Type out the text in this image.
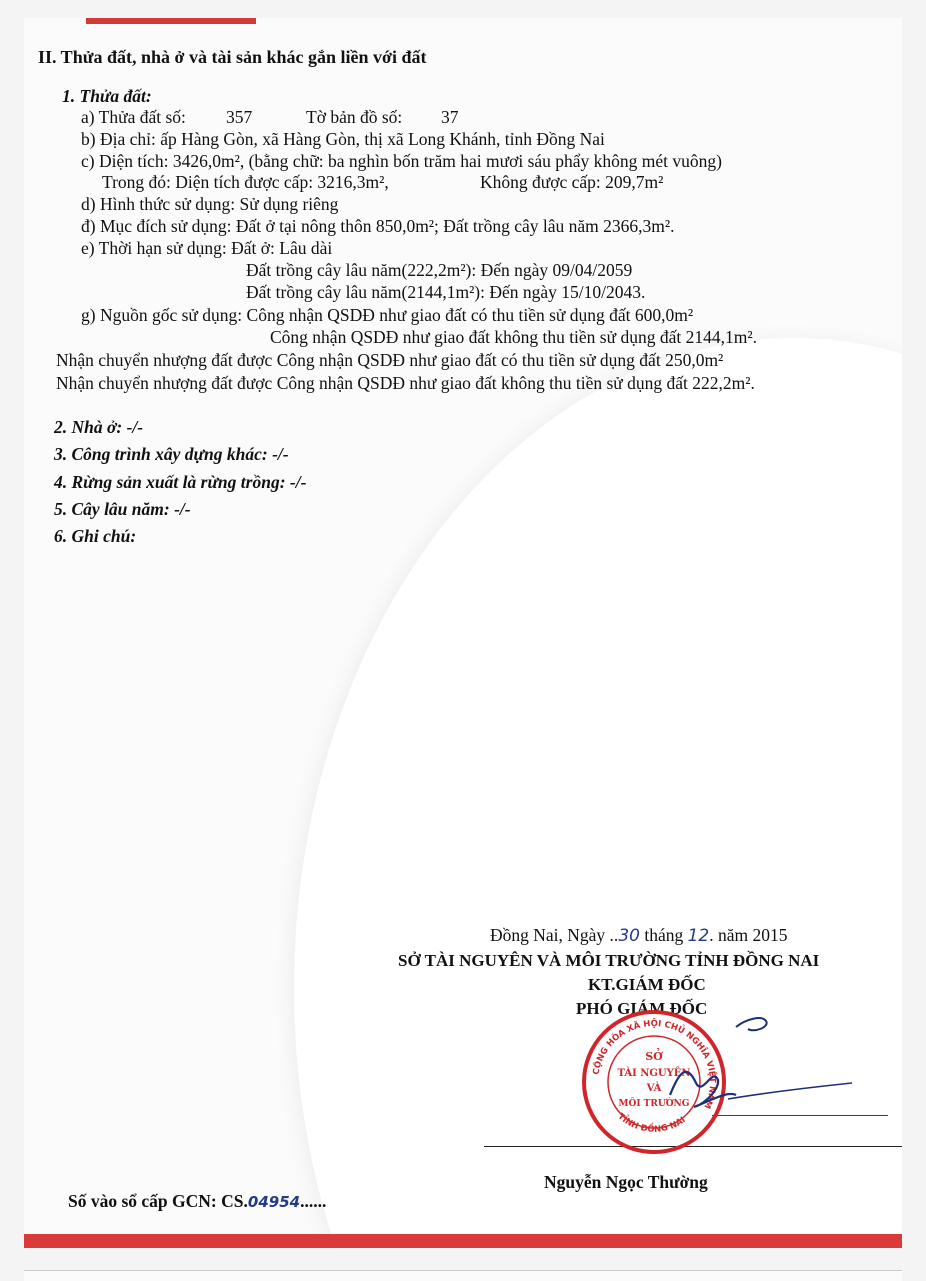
II. Thửa đất, nhà ở và tài sản khác gắn liền với đất
1. Thửa đất:
a) Thửa đất số: 357	Tờ bản đồ số: 37
b) Địa chỉ: ấp Hàng Gòn, xã Hàng Gòn, thị xã Long Khánh, tỉnh Đồng Nai
c) Diện tích: 3426,0m², (bằng chữ: ba nghìn bốn trăm hai mươi sáu phẩy không mét vuông)
Trong đó: Diện tích được cấp: 3216,3m²,	Không được cấp: 209,7m²
d) Hình thức sử dụng: Sử dụng riêng
đ) Mục đích sử dụng: Đất ở tại nông thôn 850,0m²; Đất trồng cây lâu năm 2366,3m².
e) Thời hạn sử dụng: Đất ở: Lâu dài
Đất trồng cây lâu năm(222,2m²): Đến ngày 09/04/2059
Đất trồng cây lâu năm(2144,1m²): Đến ngày 15/10/2043.
g) Nguồn gốc sử dụng: Công nhận QSDĐ như giao đất có thu tiền sử dụng đất 600,0m²
Công nhận QSDĐ như giao đất không thu tiền sử dụng đất 2144,1m².
Nhận chuyển nhượng đất được Công nhận QSDĐ như giao đất có thu tiền sử dụng đất 250,0m²
Nhận chuyển nhượng đất được Công nhận QSDĐ như giao đất không thu tiền sử dụng đất 222,2m².
2. Nhà ở: -/-
3. Công trình xây dựng khác: -/-
4. Rừng sản xuất là rừng trồng: -/-
5. Cây lâu năm: -/-
6. Ghi chú:
Đồng Nai, Ngày ..30 tháng 12. năm 2015
SỞ TÀI NGUYÊN VÀ MÔI TRƯỜNG TỈNH ĐỒNG NAI
KT.GIÁM ĐỐC
PHÓ GIÁM ĐỐC
CỘNG HÒA XÃ HỘI CHỦ NGHĨA VIỆT NAM
TỈNH ĐỒNG NAI
SỞ
TÀI NGUYÊN
VÀ
MÔI TRƯỜNG
Nguyễn Ngọc Thường
Số vào sổ cấp GCN: CS.04954......
